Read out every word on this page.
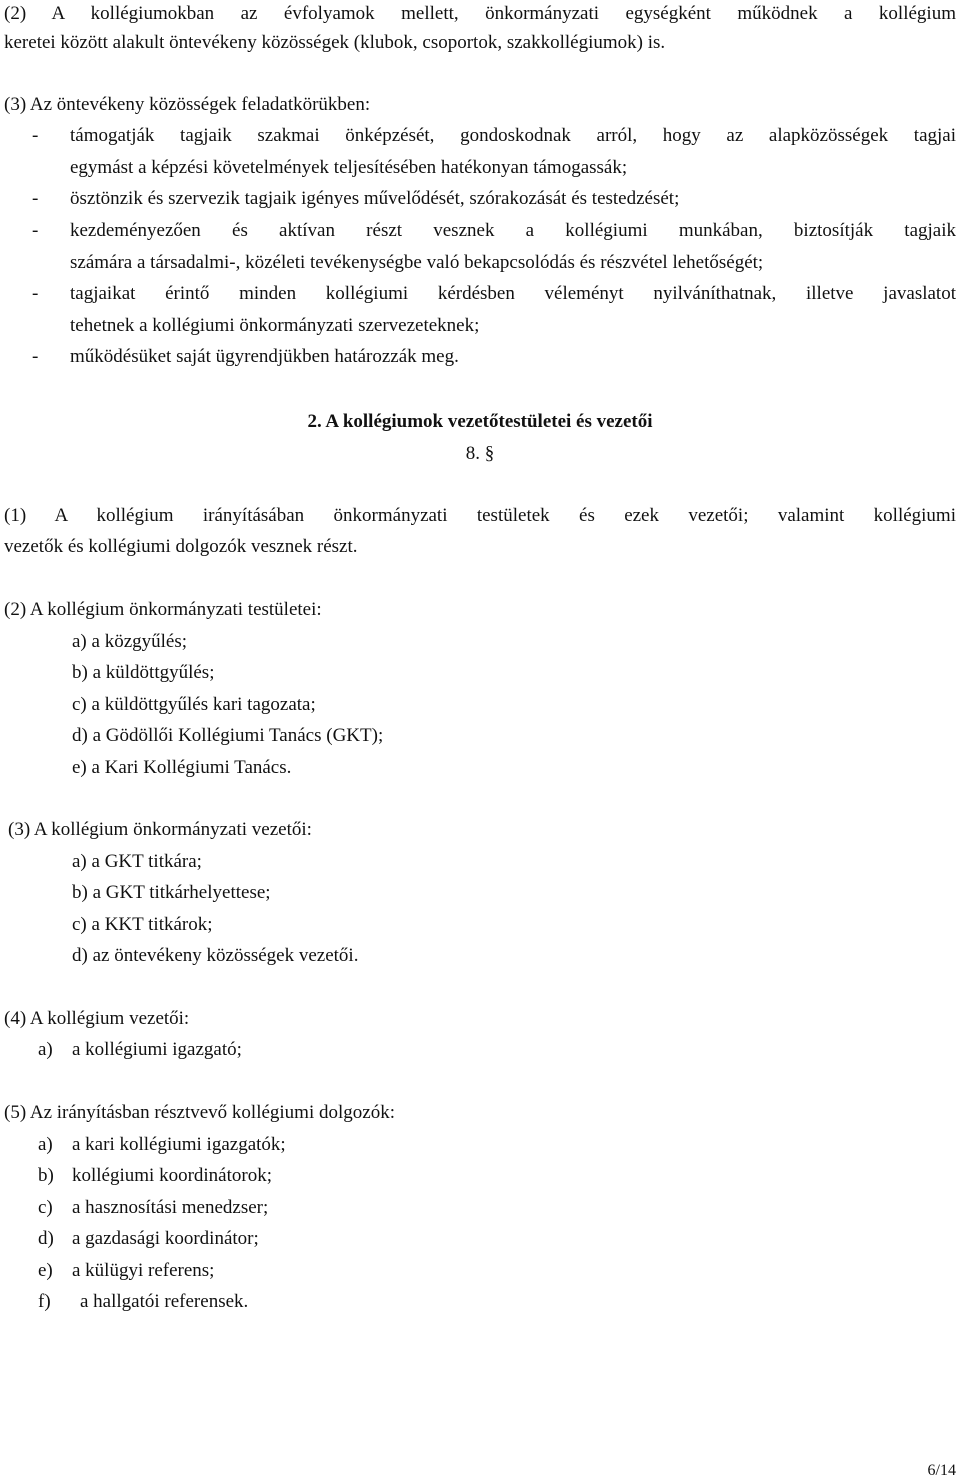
(2) A kollégiumokban az évfolyamok mellett, önkormányzati egységként működnek a kollégium
keretei között alakult öntevékeny közösségek (klubok, csoportok, szakkollégiumok) is.
(3) Az öntevékeny közösségek feladatkörükben:
-	támogatják tagjaik szakmai önképzését, gondoskodnak arról, hogy az alapközösségek tagjai
egymást a képzési követelmények teljesítésében hatékonyan támogassák;
-	ösztönzik és szervezik tagjaik igényes művelődését, szórakozását és testedzését;
-	kezdeményezően és aktívan részt vesznek a kollégiumi munkában, biztosítják tagjaik
számára a társadalmi-, közéleti tevékenységbe való bekapcsolódás és részvétel lehetőségét;
-	tagjaikat érintő minden kollégiumi kérdésben véleményt nyilváníthatnak, illetve javaslatot
tehetnek a kollégiumi önkormányzati szervezeteknek;
-	működésüket saját ügyrendjükben határozzák meg.
2. A kollégiumok vezetőtestületei és vezetői
8. §
(1) A kollégium irányításában önkormányzati testületek és ezek vezetői; valamint kollégiumi
vezetők és kollégiumi dolgozók vesznek részt.
(2) A kollégium önkormányzati testületei:
a) a közgyűlés;
b) a küldöttgyűlés;
c) a küldöttgyűlés kari tagozata;
d) a Gödöllői Kollégiumi Tanács (GKT);
e) a Kari Kollégiumi Tanács.
(3) A kollégium önkormányzati vezetői:
a) a GKT titkára;
b) a GKT titkárhelyettese;
c) a KKT titkárok;
d) az öntevékeny közösségek vezetői.
(4) A kollégium vezetői:
a)	a kollégiumi igazgató;
(5) Az irányításban résztvevő kollégiumi dolgozók:
a)	a kari kollégiumi igazgatók;
b) kollégiumi koordinátorok;
c)	a hasznosítási menedzser;
d) a gazdasági koordinátor;
e)	a külügyi referens;
f)	a hallgatói referensek.
6/14
